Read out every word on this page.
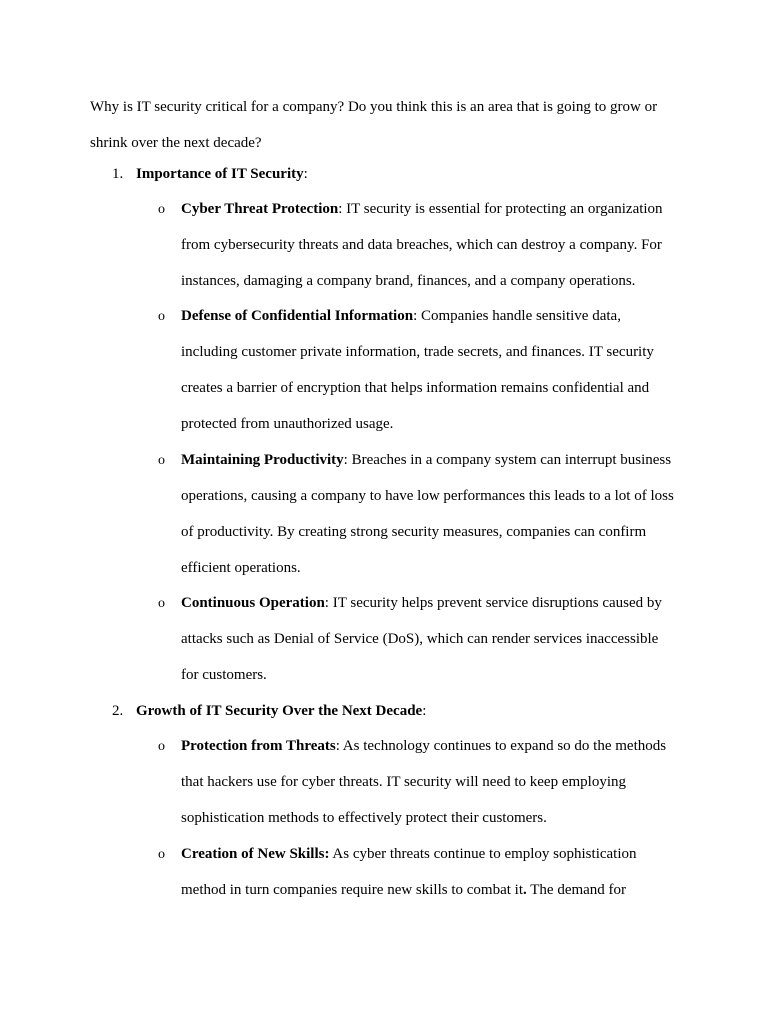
Why is IT security critical for a company? Do you think this is an area that is going to grow or shrink over the next decade?

1. Importance of IT Security:
o Cyber Threat Protection: IT security is essential for protecting an organization from cybersecurity threats and data breaches, which can destroy a company. For instances, damaging a company brand, finances, and a company operations.
o Defense of Confidential Information: Companies handle sensitive data, including customer private information, trade secrets, and finances. IT security creates a barrier of encryption that helps information remains confidential and protected from unauthorized usage.
o Maintaining Productivity: Breaches in a company system can interrupt business operations, causing a company to have low performances this leads to a lot of loss of productivity. By creating strong security measures, companies can confirm efficient operations.
o Continuous Operation: IT security helps prevent service disruptions caused by attacks such as Denial of Service (DoS), which can render services inaccessible for customers.
2. Growth of IT Security Over the Next Decade:
o Protection from Threats: As technology continues to expand so do the methods that hackers use for cyber threats. IT security will need to keep employing sophistication methods to effectively protect their customers.
o Creation of New Skills: As cyber threats continue to employ sophistication method in turn companies require new skills to combat it. The demand for
